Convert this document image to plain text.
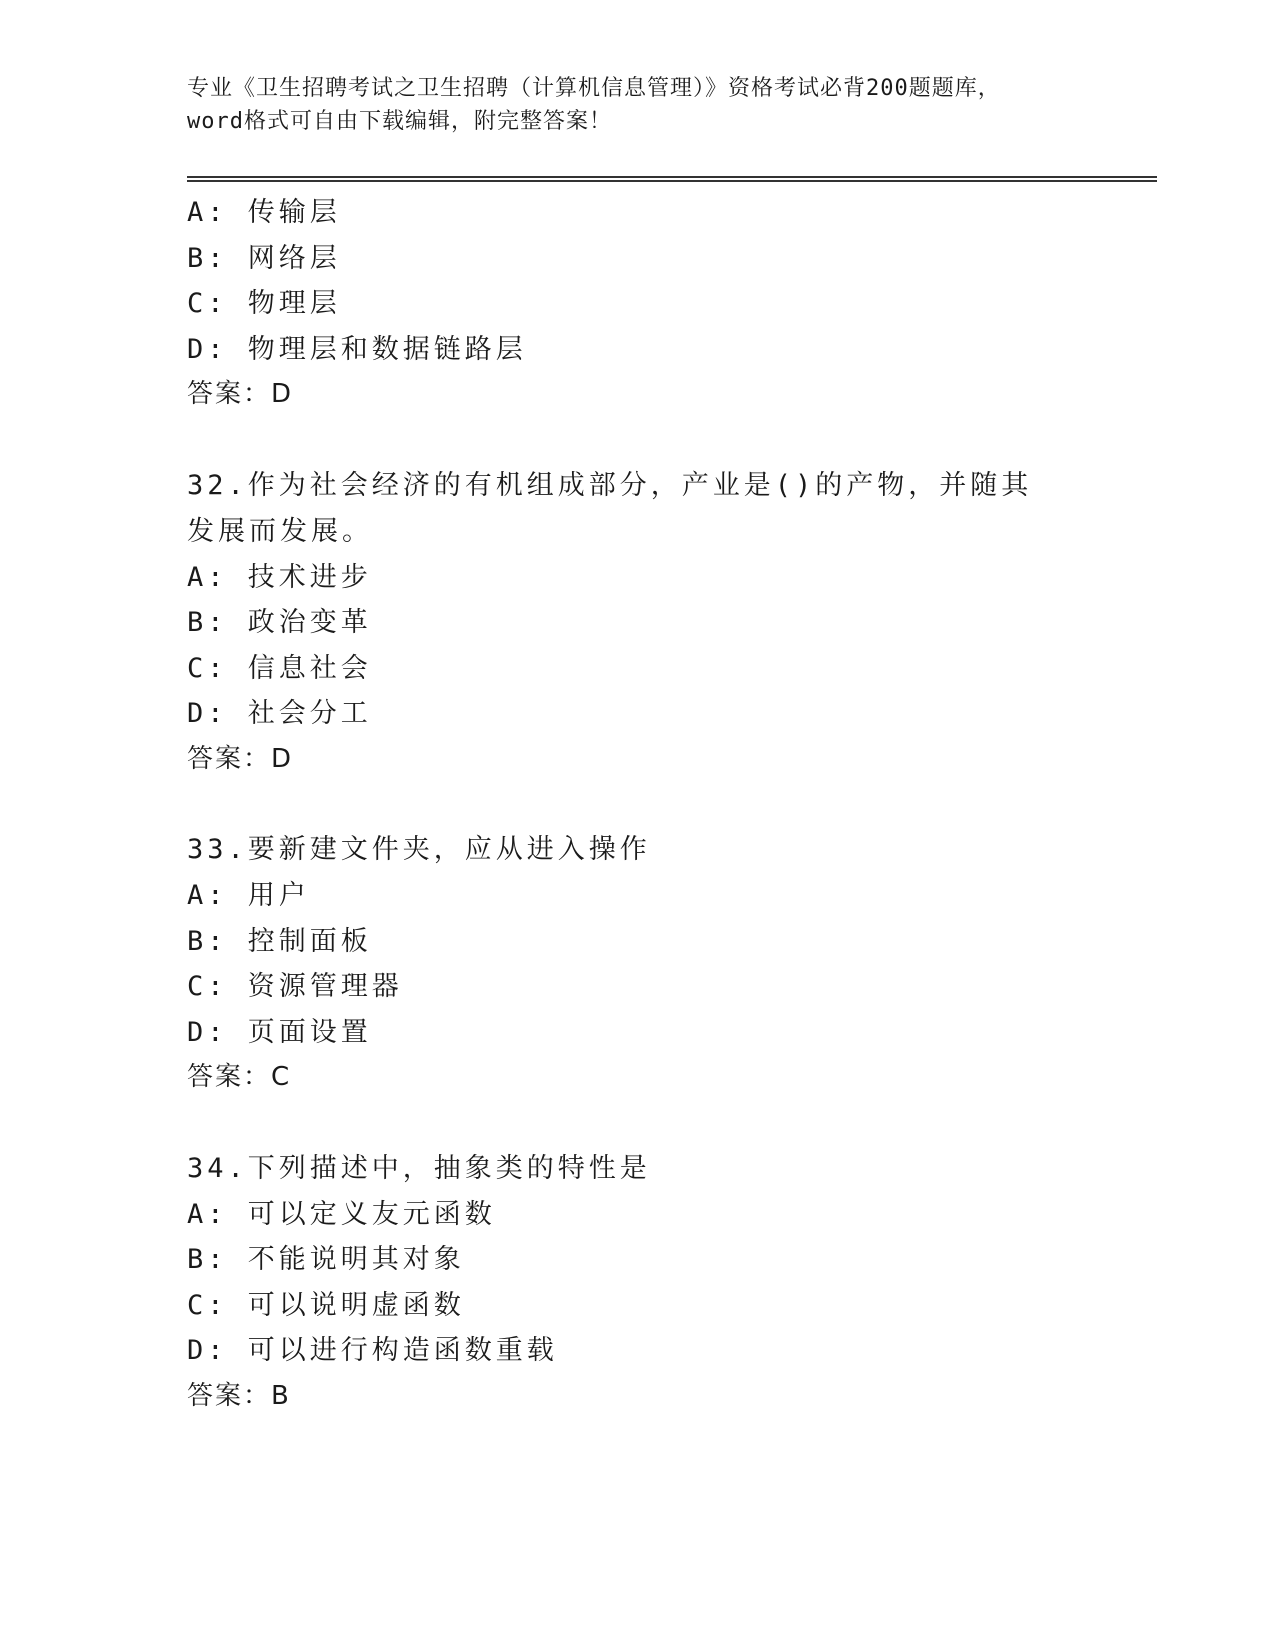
专业《卫生招聘考试之卫生招聘（计算机信息管理）》资格考试必背200题题库，
word格式可自由下载编辑，附完整答案！
A: 传输层
B: 网络层
C: 物理层
D: 物理层和数据链路层
答案：D
32.作为社会经济的有机组成部分，产业是()的产物，并随其发展而发展。
A: 技术进步
B: 政治变革
C: 信息社会
D: 社会分工
答案：D
33.要新建文件夹，应从进入操作
A: 用户
B: 控制面板
C: 资源管理器
D: 页面设置
答案：C
34.下列描述中，抽象类的特性是
A: 可以定义友元函数
B: 不能说明其对象
C: 可以说明虚函数
D: 可以进行构造函数重载
答案：B
